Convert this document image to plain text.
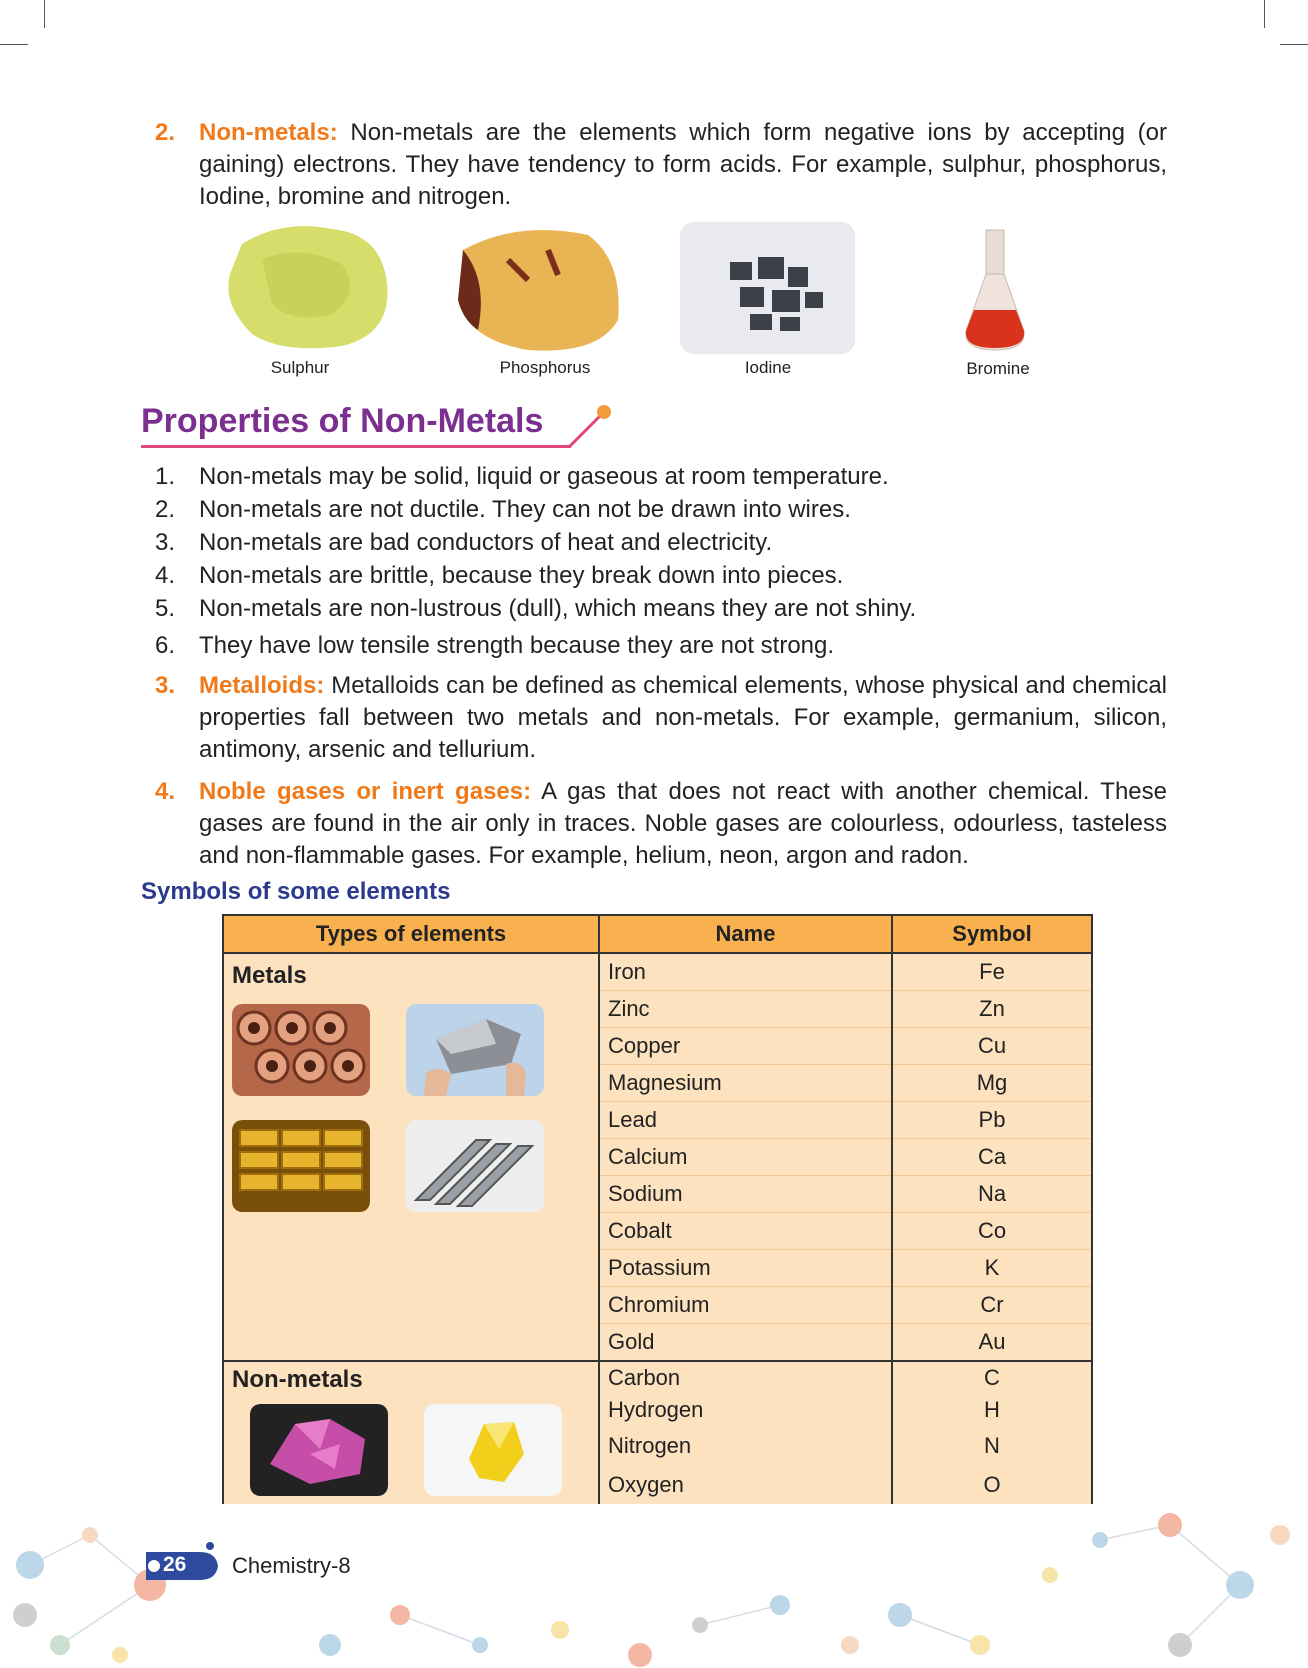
2. Non-metals: Non-metals are the elements which form negative ions by accepting (or gaining) electrons. They have tendency to form acids. For example, sulphur, phosphorus, Iodine, bromine and nitrogen.
Sulphur	Phosphorus	Iodine	Bromine
Properties of Non-Metals
1. Non-metals may be solid, liquid or gaseous at room temperature.
2. Non-metals are not ductile. They can not be drawn into wires.
3. Non-metals are bad conductors of heat and electricity.
4. Non-metals are brittle, because they break down into pieces.
5. Non-metals are non-lustrous (dull), which means they are not shiny.
6. They have low tensile strength because they are not strong.
3. Metalloids: Metalloids can be defined as chemical elements, whose physical and chemical properties fall between two metals and non-metals. For example, germanium, silicon, antimony, arsenic and tellurium.
4. Noble gases or inert gases: A gas that does not react with another chemical. These gases are found in the air only in traces. Noble gases are colourless, odourless, tasteless and non-flammable gases. For example, helium, neon, argon and radon.
Symbols of some elements
Types of elements	Name	Symbol

Metals	Iron	Fe
	Zinc	Zn
	Copper	Cu
	Magnesium	Mg
	Lead	Pb
	Calcium	Ca
	Sodium	Na
	Cobalt	Co
	Potassium	K
	Chromium	Cr
	Gold	Au

Non-metals	Carbon	C
	Hydrogen	H
	Nitrogen	N
	Oxygen	O
26 Chemistry-8
